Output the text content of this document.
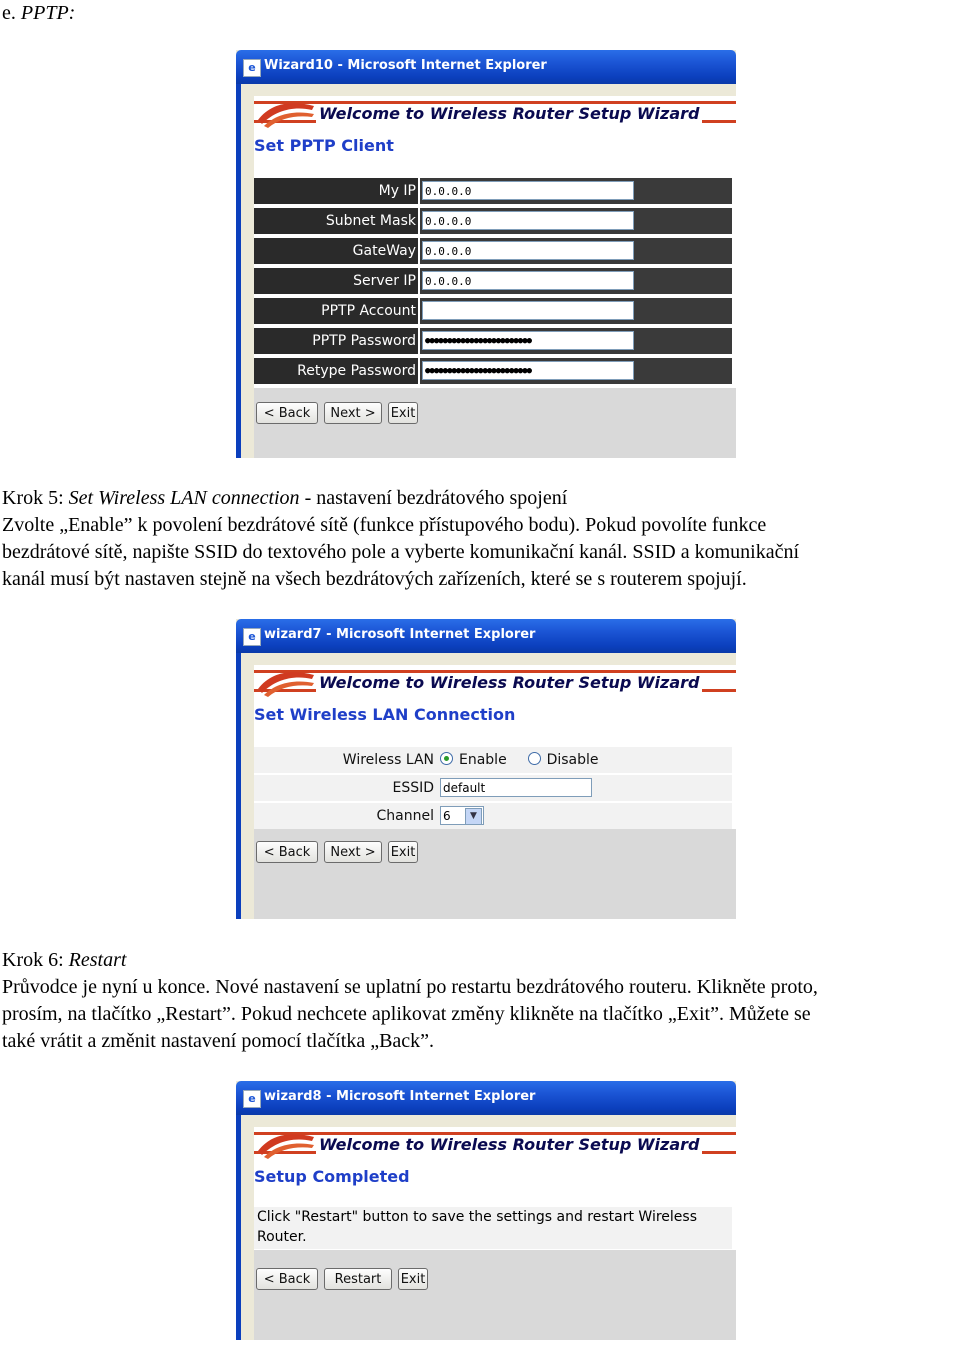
e. PPTP:
e Wizard10 - Microsoft Internet Explorer
Welcome to Wireless Router Setup Wizard
Set PPTP Client
My IP 0.0.0.0
Subnet Mask 0.0.0.0
GateWay 0.0.0.0
Server IP 0.0.0.0
PPTP Account
PPTP Password	●●●●●●●●●●●●●●●●●●●●●●●●
Retype Password	●●●●●●●●●●●●●●●●●●●●●●●●
< Back	Next >	Exit
Krok 5: Set Wireless LAN connection - nastavení bezdrátového spojení
Zvolte „Enable” k povolení bezdrátové sítě (funkce přístupového bodu). Pokud povolíte funkce
bezdrátové sítě, napište SSID do textového pole a vyberte komunikační kanál. SSID a komunikační
kanál musí být nastaven stejně na všech bezdrátových zařízeních, které se s routerem spojují.
e wizard7 - Microsoft Internet Explorer
Welcome to Wireless Router Setup Wizard
Set Wireless LAN Connection
Wireless LAN	Enable	Disable
ESSID default
Channel 6	▼
< Back	Next >	Exit
Krok 6: Restart
Průvodce je nyní u konce. Nové nastavení se uplatní po restartu bezdrátového routeru. Klikněte proto,
prosím, na tlačítko „Restart”. Pokud nechcete aplikovat změny klikněte na tlačítko „Exit”. Můžete se
také vrátit a změnit nastavení pomocí tlačítka „Back”.
e wizard8 - Microsoft Internet Explorer
Welcome to Wireless Router Setup Wizard
Setup Completed
Click "Restart" button to save the settings and restart Wireless
Router.
< Back	Restart	Exit
